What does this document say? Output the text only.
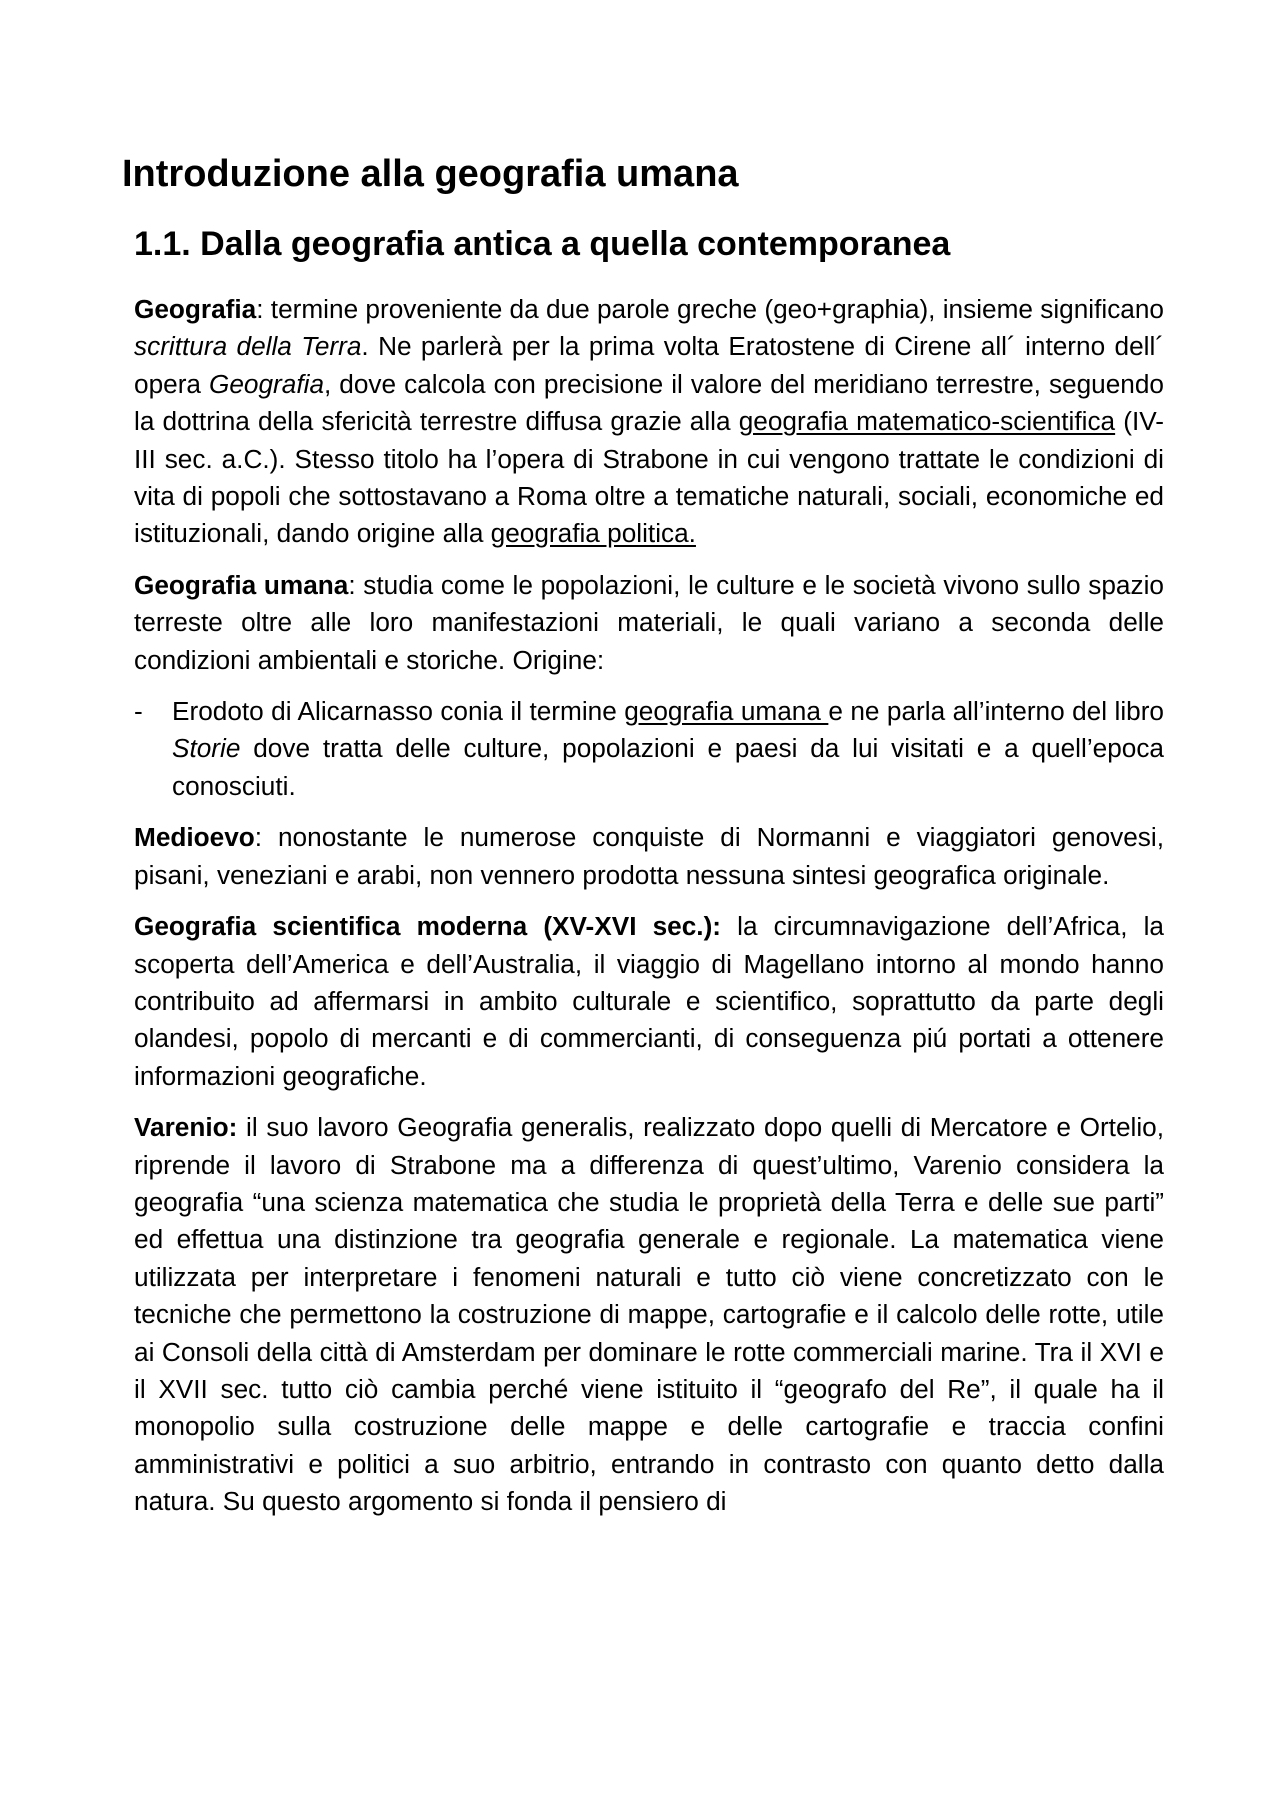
Introduzione alla geografia umana
1.1. Dalla geografia antica a quella contemporanea

Geografia: termine proveniente da due parole greche (geo+graphia), insieme significano scrittura della Terra. Ne parlerà per la prima volta Eratostene di Cirene all´ interno dell´ opera Geografia, dove calcola con precisione il valore del meridiano terrestre, seguendo la dottrina della sfericità terrestre diffusa grazie alla geografia matematico-scientifica (IV-III sec. a.C.). Stesso titolo ha l’opera di Strabone in cui vengono trattate le condizioni di vita di popoli che sottostavano a Roma oltre a tematiche naturali, sociali, economiche ed istituzionali, dando origine alla geografia politica.

Geografia umana: studia come le popolazioni, le culture e le società vivono sullo spazio terreste oltre alle loro manifestazioni materiali, le quali variano a seconda delle condizioni ambientali e storiche. Origine:

- Erodoto di Alicarnasso conia il termine geografia umana e ne parla all’interno del libro Storie dove tratta delle culture, popolazioni e paesi da lui visitati e a quell’epoca conosciuti.

Medioevo: nonostante le numerose conquiste di Normanni e viaggiatori genovesi, pisani, veneziani e arabi, non vennero prodotta nessuna sintesi geografica originale.

Geografia scientifica moderna (XV-XVI sec.): la circumnavigazione dell’Africa, la scoperta dell’America e dell’Australia, il viaggio di Magellano intorno al mondo hanno contribuito ad affermarsi in ambito culturale e scientifico, soprattutto da parte degli olandesi, popolo di mercanti e di commercianti, di conseguenza piú portati a ottenere informazioni geografiche.

Varenio: il suo lavoro Geografia generalis, realizzato dopo quelli di Mercatore e Ortelio, riprende il lavoro di Strabone ma a differenza di quest’ultimo, Varenio considera la geografia “una scienza matematica che studia le proprietà della Terra e delle sue parti” ed effettua una distinzione tra geografia generale e regionale. La matematica viene utilizzata per interpretare i fenomeni naturali e tutto ciò viene concretizzato con le tecniche che permettono la costruzione di mappe, cartografie e il calcolo delle rotte, utile ai Consoli della città di Amsterdam per dominare le rotte commerciali marine. Tra il XVI e il XVII sec. tutto ciò cambia perché viene istituito il “geografo del Re”, il quale ha il monopolio sulla costruzione delle mappe e delle cartografie e traccia confini amministrativi e politici a suo arbitrio, entrando in contrasto con quanto detto dalla natura. Su questo argomento si fonda il pensiero di
